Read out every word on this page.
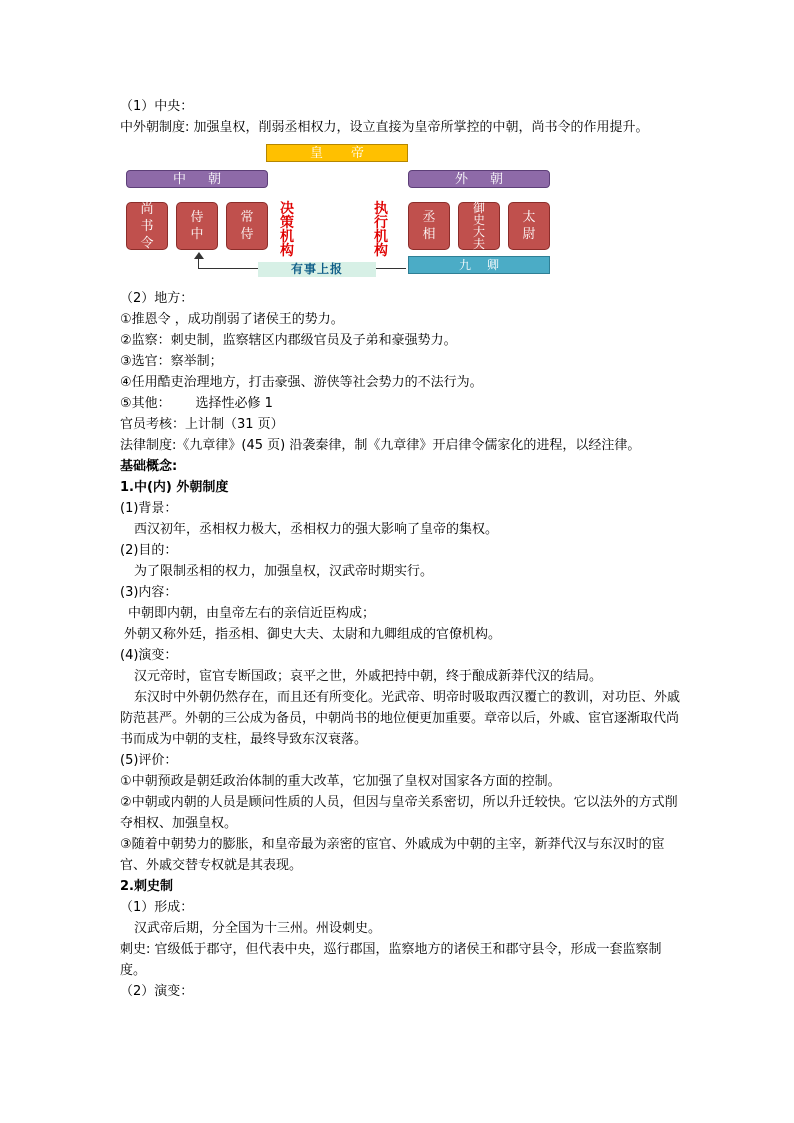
（1）中央：
中外朝制度: 加强皇权，削弱丞相权力，设立直接为皇帝所掌控的中朝，尚书令的作用提升。
皇帝
中朝	外朝
尚
书
令
侍
中
常
侍
决
策
机
构
执
行
机
构
丞
相
御
史
大
夫
太
尉
有事上报	九卿
（2）地方：
①推恩令 ，成功削弱了诸侯王的势力。
②监察：刺史制，监察辖区内郡级官员及子弟和豪强势力。
③选官：察举制；
④任用酷吏治理地方，打击豪强、游侠等社会势力的不法行为。
⑤其他：      选择性必修 1
官员考核：上计制（31 页）
法律制度:《九章律》(45 页) 沿袭秦律，制《九章律》开启律令儒家化的进程，以经注律。
基础概念:
1.中(内) 外朝制度
(1)背景：
西汉初年，丞相权力极大，丞相权力的强大影响了皇帝的集权。
(2)目的：
为了限制丞相的权力，加强皇权，汉武帝时期实行。
(3)内容：
中朝即内朝，由皇帝左右的亲信近臣构成；
外朝又称外廷，指丞相、御史大夫、太尉和九卿组成的官僚机构。
(4)演变：
汉元帝时，宦官专断国政；哀平之世，外戚把持中朝，终于酿成新莽代汉的结局。
东汉时中外朝仍然存在，而且还有所变化。光武帝、明帝时吸取西汉覆亡的教训，对功臣、外戚防范甚严。外朝的三公成为备员，中朝尚书的地位便更加重要。章帝以后，外戚、宦官逐渐取代尚书而成为中朝的支柱，最终导致东汉衰落。
(5)评价：
①中朝预政是朝廷政治体制的重大改革，它加强了皇权对国家各方面的控制。
②中朝或内朝的人员是顾问性质的人员，但因与皇帝关系密切，所以升迁较快。它以法外的方式削夺相权、加强皇权。
③随着中朝势力的膨胀，和皇帝最为亲密的宦官、外戚成为中朝的主宰，新莽代汉与东汉时的宦官、外戚交替专权就是其表现。
2.刺史制
（1）形成：
汉武帝后期，分全国为十三州。州设刺史。
刺史: 官级低于郡守，但代表中央，巡行郡国，监察地方的诸侯王和郡守县令，形成一套监察制度。
（2）演变：
